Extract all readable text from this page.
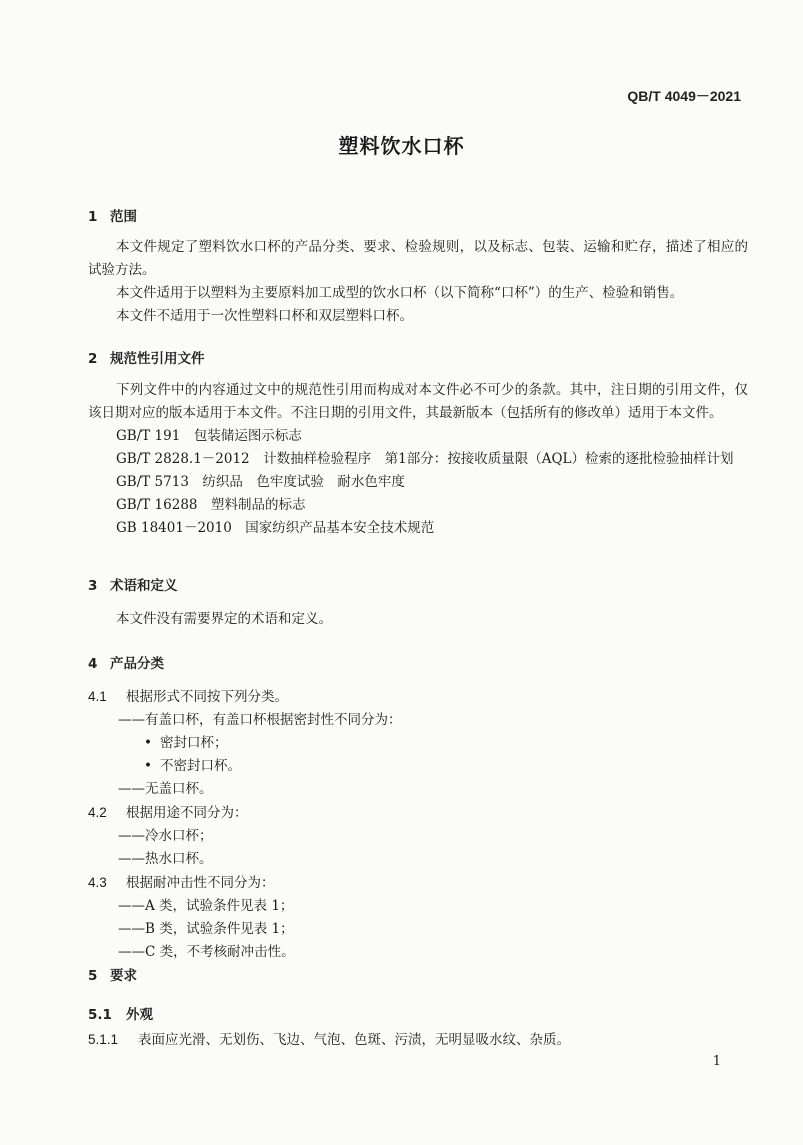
QB/T 4049－2021
塑料饮水口杯
1 范围
本文件规定了塑料饮水口杯的产品分类、要求、检验规则，以及标志、包装、运输和贮存，描述了相应的试验方法。
本文件适用于以塑料为主要原料加工成型的饮水口杯（以下简称“口杯”）的生产、检验和销售。
本文件不适用于一次性塑料口杯和双层塑料口杯。
2 规范性引用文件
下列文件中的内容通过文中的规范性引用而构成对本文件必不可少的条款。其中，注日期的引用文件，仅该日期对应的版本适用于本文件。不注日期的引用文件，其最新版本（包括所有的修改单）适用于本文件。
GB/T 191　包装储运图示标志
GB/T 2828.1－2012　计数抽样检验程序　第1部分：按接收质量限（AQL）检索的逐批检验抽样计划
GB/T 5713　纺织品　色牢度试验　耐水色牢度
GB/T 16288　塑料制品的标志
GB 18401－2010　国家纺织产品基本安全技术规范
3 术语和定义
本文件没有需要界定的术语和定义。
4 产品分类
4.1 根据形式不同按下列分类。
——有盖口杯，有盖口杯根据密封性不同分为：
• 密封口杯；
• 不密封口杯。
——无盖口杯。
4.2 根据用途不同分为：
——冷水口杯；
——热水口杯。
4.3 根据耐冲击性不同分为：
——A 类，试验条件见表 1；
——B 类，试验条件见表 1；
——C 类，不考核耐冲击性。
5 要求
5.1 外观
5.1.1 表面应光滑、无划伤、飞边、气泡、色斑、污渍，无明显吸水纹、杂质。
1
